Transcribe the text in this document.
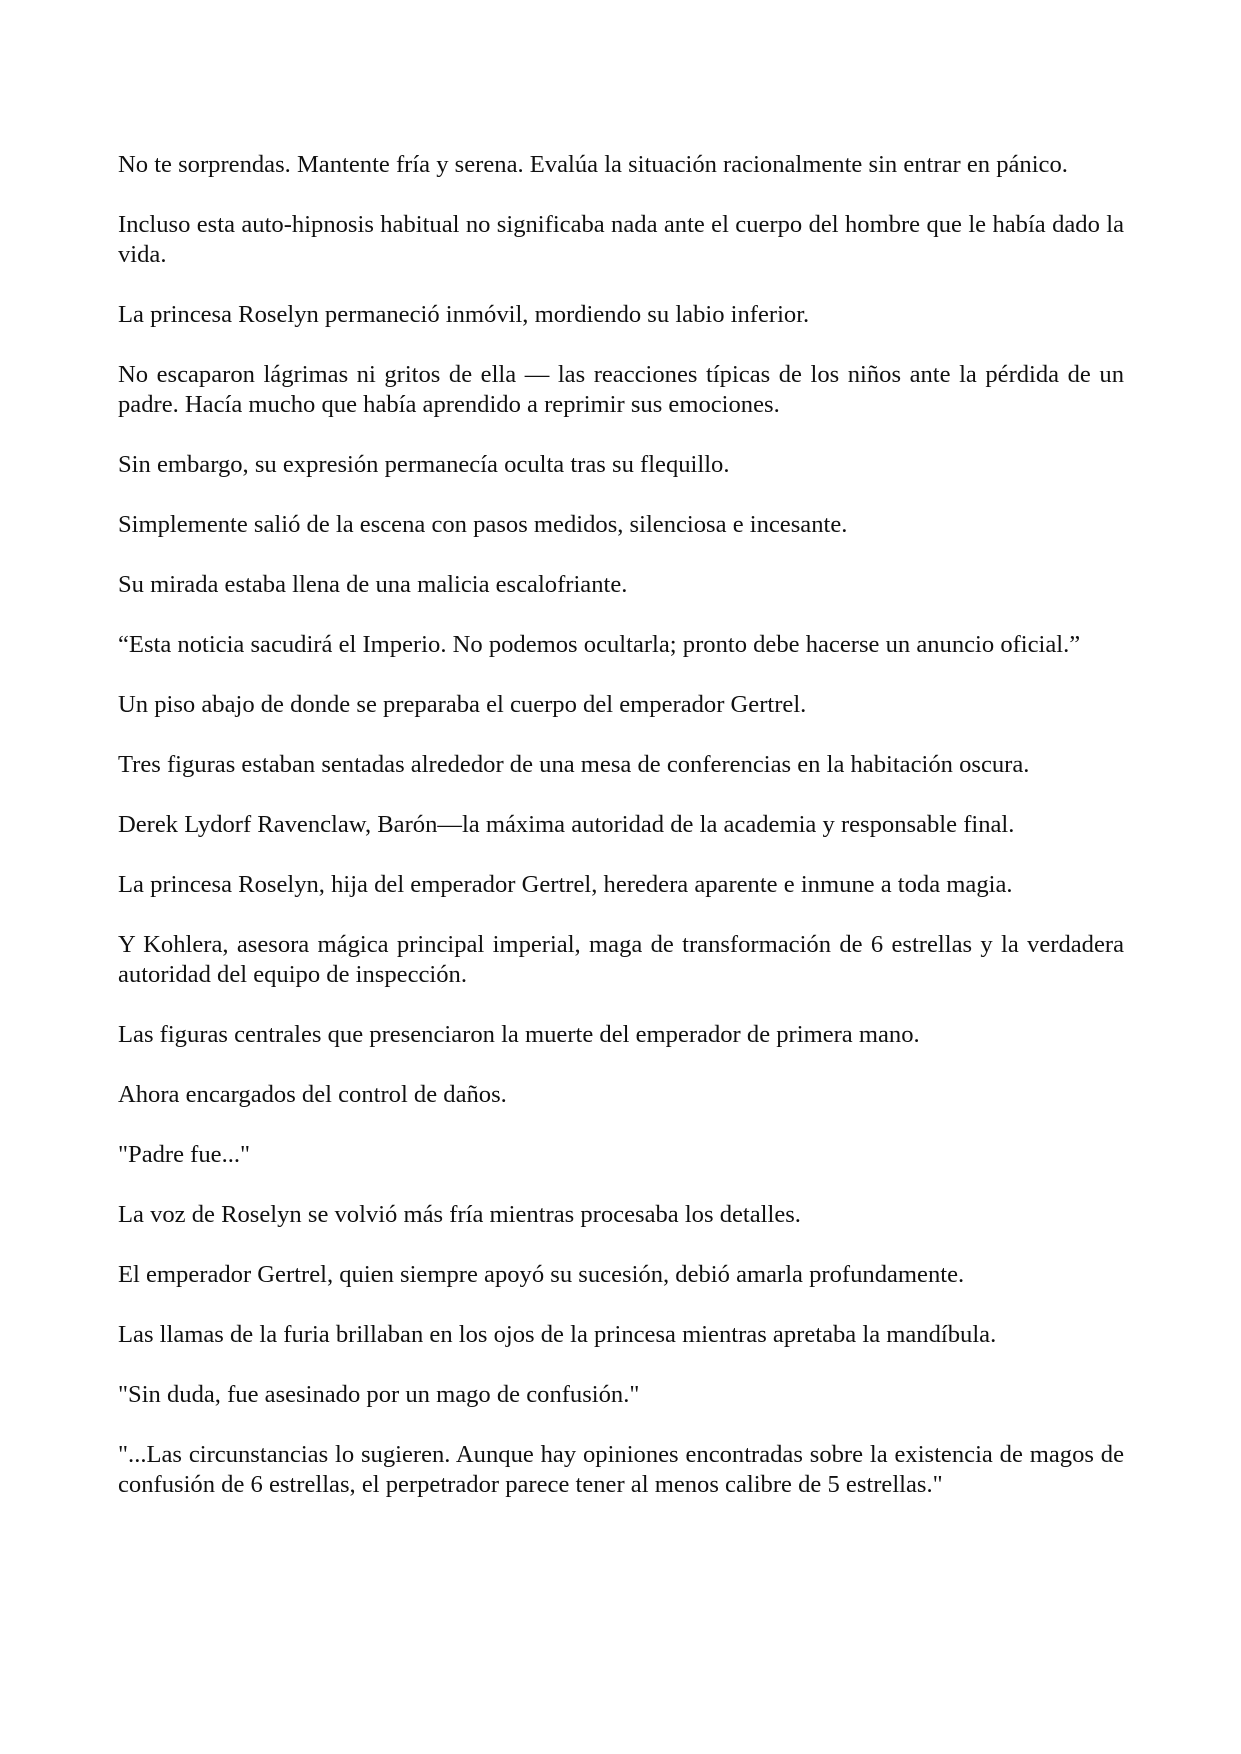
No te sorprendas. Mantente fría y serena. Evalúa la situación racionalmente sin entrar en pánico.

Incluso esta auto-hipnosis habitual no significaba nada ante el cuerpo del hombre que le había dado la vida.

La princesa Roselyn permaneció inmóvil, mordiendo su labio inferior.

No escaparon lágrimas ni gritos de ella — las reacciones típicas de los niños ante la pérdida de un padre. Hacía mucho que había aprendido a reprimir sus emociones.

Sin embargo, su expresión permanecía oculta tras su flequillo.

Simplemente salió de la escena con pasos medidos, silenciosa e incesante.

Su mirada estaba llena de una malicia escalofriante.

“Esta noticia sacudirá el Imperio. No podemos ocultarla; pronto debe hacerse un anuncio oficial.”

Un piso abajo de donde se preparaba el cuerpo del emperador Gertrel.

Tres figuras estaban sentadas alrededor de una mesa de conferencias en la habitación oscura.

Derek Lydorf Ravenclaw, Barón—la máxima autoridad de la academia y responsable final.

La princesa Roselyn, hija del emperador Gertrel, heredera aparente e inmune a toda magia.

Y Kohlera, asesora mágica principal imperial, maga de transformación de 6 estrellas y la verdadera autoridad del equipo de inspección.

Las figuras centrales que presenciaron la muerte del emperador de primera mano.

Ahora encargados del control de daños.

"Padre fue..."

La voz de Roselyn se volvió más fría mientras procesaba los detalles.

El emperador Gertrel, quien siempre apoyó su sucesión, debió amarla profundamente.

Las llamas de la furia brillaban en los ojos de la princesa mientras apretaba la mandíbula.

"Sin duda, fue asesinado por un mago de confusión."

"...Las circunstancias lo sugieren. Aunque hay opiniones encontradas sobre la existencia de magos de confusión de 6 estrellas, el perpetrador parece tener al menos calibre de 5 estrellas."
